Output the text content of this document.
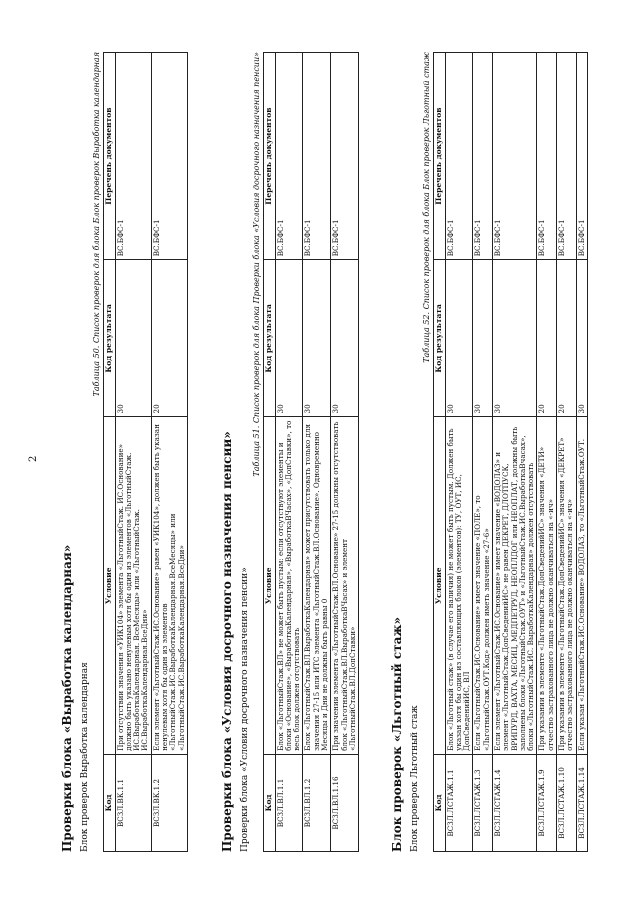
2
Проверки блока «Выработка календарная» Блок проверок Выработка календарная
Таблица 50. Список проверок для блока Блок проверок Выработка календарная
Код	Условие	Код результата	Перечень документов
ВСЗЛ.ВК.1.1	При отсутствии значения «УИК104» элемента «ЛьготныйСтаж. ИС.Основание» должно быть указано ненулевым хотя бы один из элементов «ЛьготныйСтаж. ИС.ВыработкаКалендарная. ВсеМесяцы» или «ЛьготныйСтаж. ИС.ВыработкаКалендарная.ВсеДни»	30	ВС.БФС-1
ВСЗЛ.ВК.1.2	Если элемент «ЛьготныйСтаж.ИС.Основание» равен «УИК104», должен быть указан ненулевым хотя бы один из элементов «ЛьготныйСтаж.ИС.ВыработкаКалендарная.ВсеМесяцы» или «ЛьготныйСтаж.ИС.ВыработкаКалендарная.ВсеДни»	20	ВС.БФС-1
Проверки блока «Условия досрочного назначения пенсии» Проверки блока «Условия досрочного назначения пенсии»
Таблица 51. Список проверок для блока Проверки блока «Условия досрочного назначения пенсии»
Код	Условие	Код результата	Перечень документов
ВСЗЛ.ВЛ.1.1	Блок «ЛьготныйСтаж.ВЛ» не может быть пустым: если отсутствуют элементы и блоки «Основание», «ВыработкаКалендарная», «ВыработкаВЧасах», «ДопСтавки», то весь блок должен отсутствовать	30	ВС.БФС-1
ВСЗЛ.ВЛ.1.2	Блок «ЛьготныйСтаж.ВЛ.ВыработкаКалендарная» может присутствовать только для значения 27-15 или ИТС элемента «ЛьготныйСтаж.ВЛ.Основание». Одновременно Месяцы и Дни не должны быть равны 0	30	ВС.БФС-1
ВСЗЛ.ВЛ.1.16	При значении элемента «ЛьготныйСтаж.ВЛ.Основание» 27-15 должны отсутствовать блок «ЛьготныйСтаж.ВЛ.ВыработкаВЧасах» и элемент «ЛьготныйСтаж.ВЛ.ДопСтавки»	30	ВС.БФС-1
Блок проверок «Льготный стаж» Блок проверок Льготный стаж
Таблица 52. Список проверок для блока Блок проверок Льготный стаж
Код	Условие	Код результата	Перечень документов
ВСЗЛ.ЛСТАЖ.1.1	Блок «Льготный стаж» (в случае его наличия) не может быть пустым. Должен быть указан хотя бы один из составляющих блоков (элементов): ТУ, ОУТ, ИС, ДопСведенийИС, ВЛ	30	ВС.БФС-1
ВСЗЛ.ЛСТАЖ.1.3	Если «ЛьготныйСтаж.ИС.Основание» имеет значение «ПОЛЕ», то «ЛьготныйСтаж.ОУТ.Код» должен иметь значение «27-6»	30	ВС.БФС-1
ВСЗЛ.ЛСТАЖ.1.4	Если элемент «ЛьготныйСтаж.ИС.Основание» имеет значение «ВОДОЛАЗ» и элемент «ЛьготныйСтаж.ДопСведенийИС» не равен ДЕКРЕТ, ДЛОТПУСК, ВРИПУРД, ВАХТА, МЕСИЦ, МЕДПЕТРУД, НЕОПЛДОГ или НЕОПЛАТ, должны быть заполнены блоки «ЛьготныйСтаж.ОУТ» и «ЛьготныйСтаж.ИС.ВыработкаВчасах», блоки «ЛьготныйСтаж.ИС. ВыработкаКалендарная» должен отсутствовать	30	ВС.БФС-1
ВСЗЛ.ЛСТАЖ.1.9	При указании в элементе «ЛьготныйСтаж.ДопСведенийИС» значения «ДЕТИ» отчество застрахованного лица не должно оканчиваться на «-ич»	20	ВС.БФС-1
ВСЗЛ.ЛСТАЖ.1.10	При указании в элементе «ЛьготныйСтаж.ДопСведенийИС» значения «ДЕКРЕТ» отчество застрахованного лица не должно оканчиваться на «-ич»	20	ВС.БФС-1
ВСЗЛ.ЛСТАЖ.1.14	Если указан «ЛьготныйСтаж.ИС.Основание» ВОДОЛАЗ, то «ЛьготныйСтаж.ОУТ.	30	ВС.БФС-1
